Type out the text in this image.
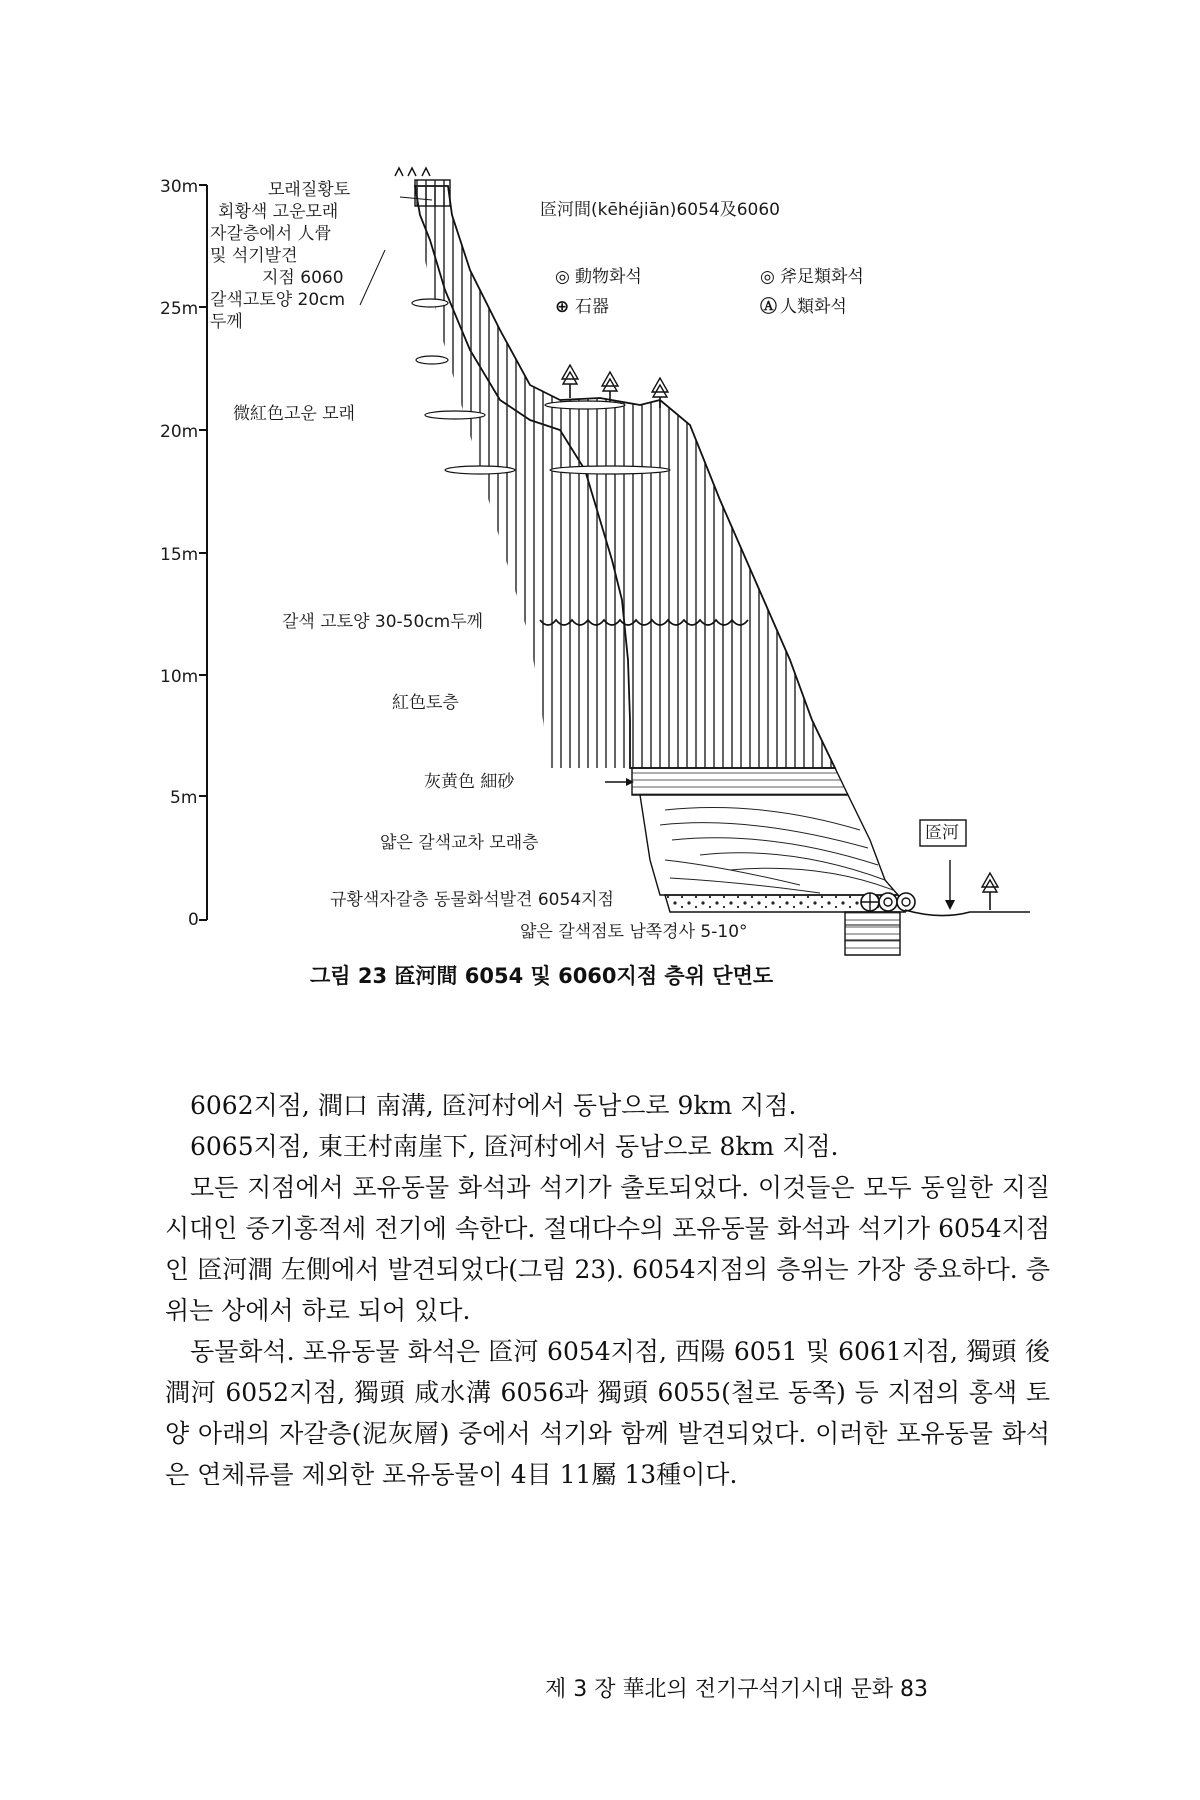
30m
25m
20m
15m
10m
5m
0
모래질황토
회황색 고운모래
자갈층에서 人骨
및 석기발견
지점 6060
갈색고토양 20cm
두께
匼河間(kēhéjiān)6054及6060
◎ 動物화석
⊕ 石器
◎ 斧足類화석
Ⓐ 人類화석
微紅色고운 모래
갈색 고토양 30-50cm두께
紅色토층
灰黄色 細砂
얇은 갈색교차 모래층
규황색자갈층 동물화석발견 6054지점
얇은 갈색점토 남쪽경사 5-10°
匼河
그림 23 匼河間 6054 및 6060지점 층위 단면도

6062지점, 澗口 南溝, 匼河村에서 동남으로 9km 지점.

6065지점, 東王村南崖下, 匼河村에서 동남으로 8km 지점.

모든 지점에서 포유동물 화석과 석기가 출토되었다. 이것들은 모두 동일한 지질시대인 중기홍적세 전기에 속한다. 절대다수의 포유동물 화석과 석기가 6054지점인 匼河澗 左側에서 발견되었다(그림 23). 6054지점의 층위는 가장 중요하다. 층위는 상에서 하로 되어 있다.

동물화석. 포유동물 화석은 匼河 6054지점, 西陽 6051 및 6061지점, 獨頭 後澗河 6052지점, 獨頭 咸水溝 6056과 獨頭 6055(철로 동쪽) 등 지점의 홍색 토양 아래의 자갈층(泥灰層) 중에서 석기와 함께 발견되었다. 이러한 포유동물 화석은 연체류를 제외한 포유동물이 4目 11屬 13種이다.

제 3 장 華北의 전기구석기시대 문화 83
